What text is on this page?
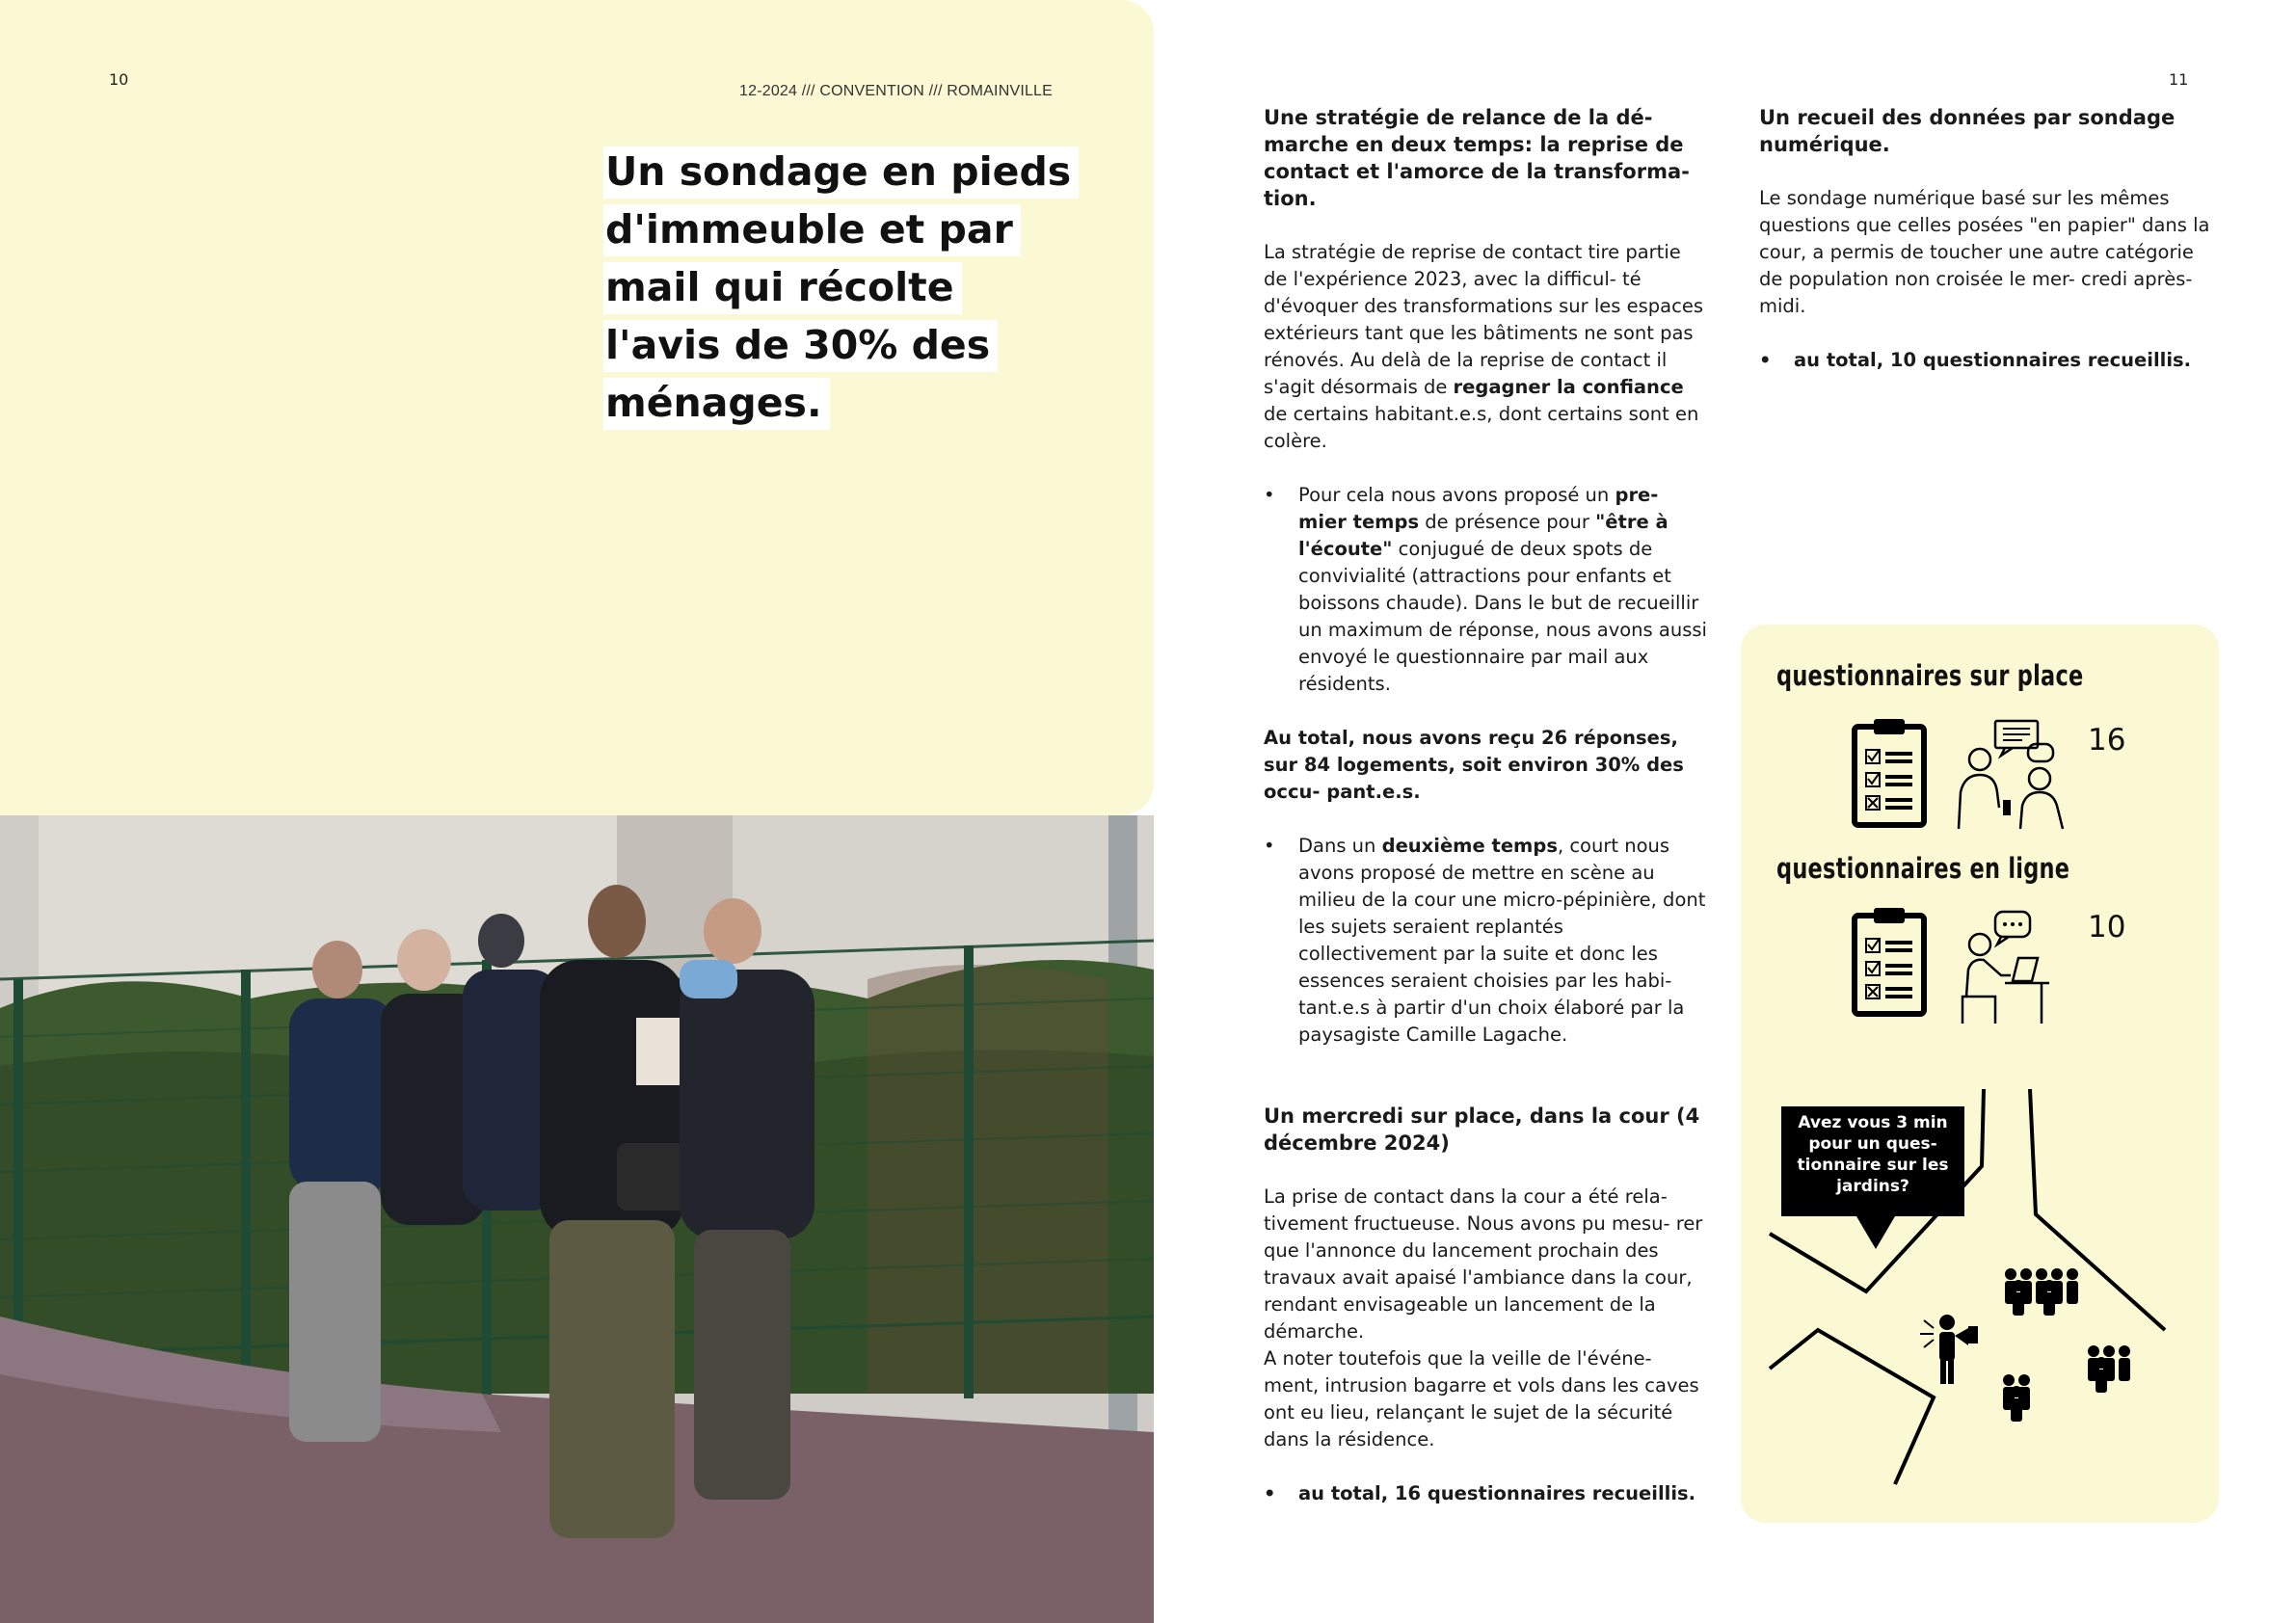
10
12-2024 /// CONVENTION /// ROMAINVILLE
Un sondage en pieds
d'immeuble et par
mail qui récolte
l'avis de 30% des
ménages.
11
Une stratégie de relance de la dé- marche en deux temps: la reprise de contact et l'amorce de la transforma- tion.

La stratégie de reprise de contact tire partie de l'expérience 2023, avec la difficul- té d'évoquer des transformations sur les espaces extérieurs tant que les bâtiments ne sont pas rénovés. Au delà de la reprise de contact il s'agit désormais de regagner la confiance de certains habitant.e.s, dont certains sont en colère.

• Pour cela nous avons proposé un pre- mier temps de présence pour "être à l'écoute" conjugué de deux spots de convivialité (attractions pour enfants et boissons chaude). Dans le but de recueillir un maximum de réponse, nous avons aussi envoyé le questionnaire par mail aux résidents.

Au total, nous avons reçu 26 réponses, sur 84 logements, soit environ 30% des occu- pant.e.s.

• Dans un deuxième temps, court nous avons proposé de mettre en scène au milieu de la cour une micro-pépinière, dont les sujets seraient replantés collectivement par la suite et donc les essences seraient choisies par les habi- tant.e.s à partir d'un choix élaboré par la paysagiste Camille Lagache.

Un mercredi sur place, dans la cour (4 décembre 2024)

La prise de contact dans la cour a été rela- tivement fructueuse. Nous avons pu mesu- rer que l'annonce du lancement prochain des travaux avait apaisé l'ambiance dans la cour, rendant envisageable un lancement de la démarche.

A noter toutefois que la veille de l'événe- ment, intrusion bagarre et vols dans les caves ont eu lieu, relançant le sujet de la sécurité dans la résidence.

• au total, 16 questionnaires recueillis.

Un recueil des données par sondage numérique.

Le sondage numérique basé sur les mêmes questions que celles posées "en papier" dans la cour, a permis de toucher une autre catégorie de population non croisée le mer- credi après-midi.

• au total, 10 questionnaires recueillis.

questionnaires sur place
16
questionnaires en ligne
10
Avez vous 3 min pour un ques- tionnaire sur les jardins?
